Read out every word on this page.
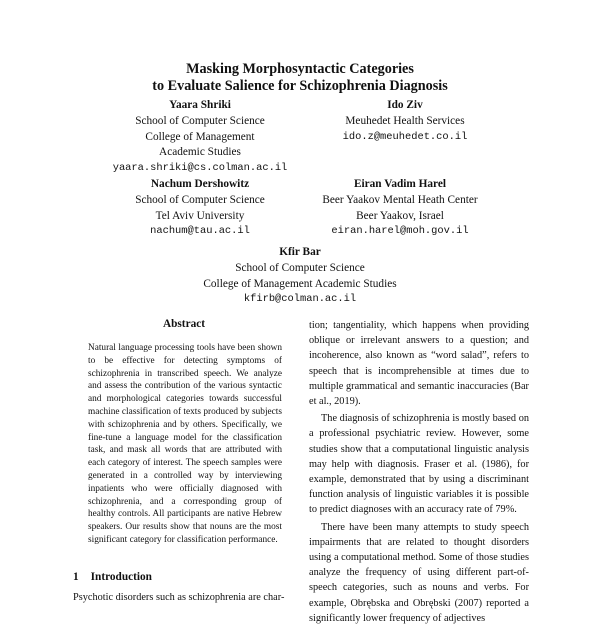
Masking Morphosyntactic Categories
to Evaluate Salience for Schizophrenia Diagnosis
Yaara Shriki
School of Computer Science
College of Management
Academic Studies
yaara.shriki@cs.colman.ac.il
Ido Ziv
Meuhedet Health Services
ido.z@meuhedet.co.il
Nachum Dershowitz
School of Computer Science
Tel Aviv University
nachum@tau.ac.il
Eiran Vadim Harel
Beer Yaakov Mental Heath Center
Beer Yaakov, Israel
eiran.harel@moh.gov.il
Kfir Bar
School of Computer Science
College of Management Academic Studies
kfirb@colman.ac.il
Abstract
Natural language processing tools have been shown to be effective for detecting symptoms of schizophrenia in transcribed speech. We analyze and assess the contribution of the various syntactic and morphological categories towards successful machine classification of texts produced by subjects with schizophrenia and by others. Specifically, we fine-tune a language model for the classification task, and mask all words that are attributed with each category of interest. The speech samples were generated in a controlled way by interviewing inpatients who were officially diagnosed with schizophrenia, and a corresponding group of healthy controls. All participants are native Hebrew speakers. Our results show that nouns are the most significant category for classification performance.
1 Introduction
Psychotic disorders such as schizophrenia are char-

tion; tangentiality, which happens when providing oblique or irrelevant answers to a question; and incoherence, also known as “word salad”, refers to speech that is incomprehensible at times due to multiple grammatical and semantic inaccuracies (Bar et al., 2019).

The diagnosis of schizophrenia is mostly based on a professional psychiatric review. However, some studies show that a computational linguistic analysis may help with diagnosis. Fraser et al. (1986), for example, demonstrated that by using a discriminant function analysis of linguistic variables it is possible to predict diagnoses with an accuracy rate of 79%.

There have been many attempts to study speech impairments that are related to thought disorders using a computational method. Some of those studies analyze the frequency of using different part-of-speech categories, such as nouns and verbs. For example, Obrębska and Obrębski (2007) reported a significantly lower frequency of adjectives
